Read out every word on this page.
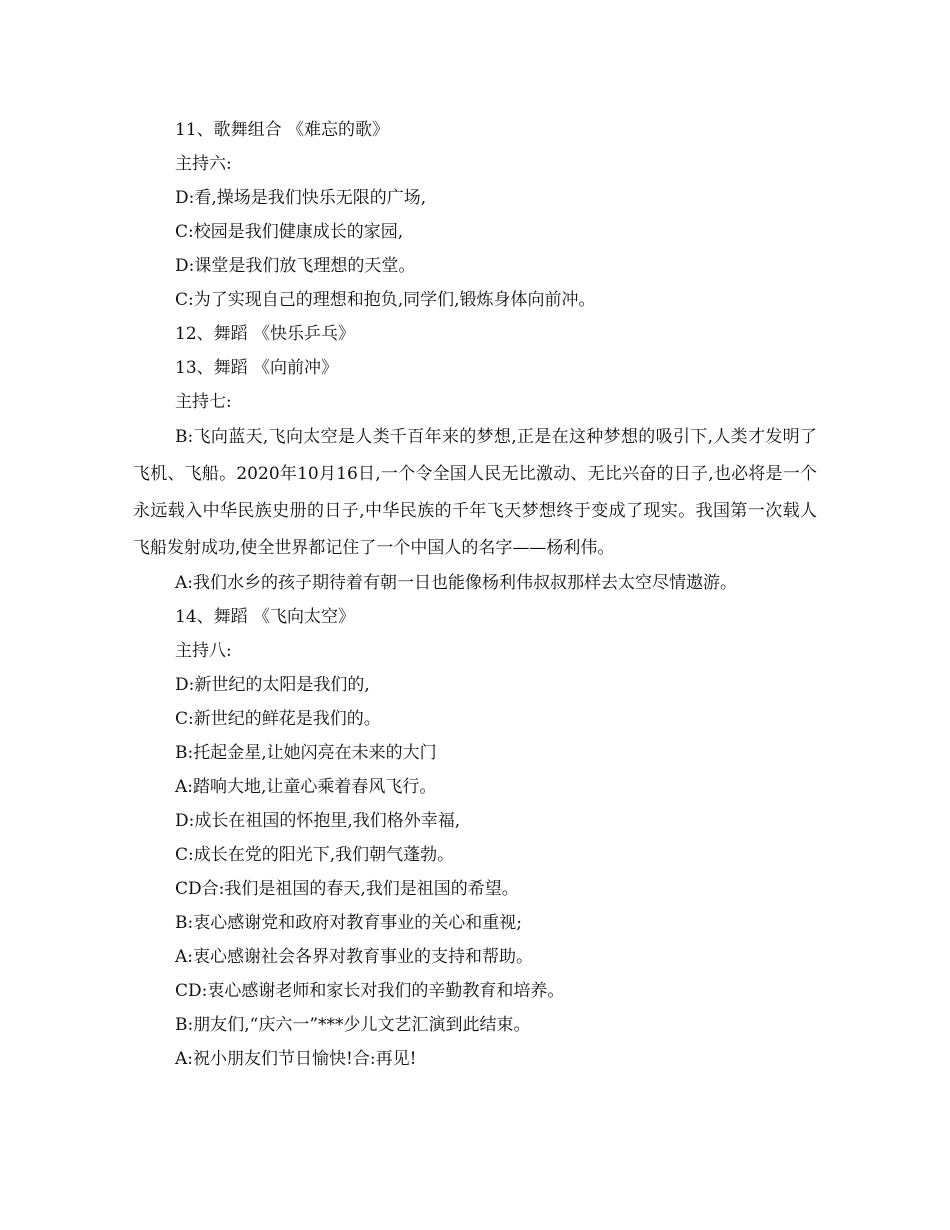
11、歌舞组合 《难忘的歌》
主持六:
D:看,操场是我们快乐无限的广场,
C:校园是我们健康成长的家园,
D:课堂是我们放飞理想的天堂。
C:为了实现自己的理想和抱负,同学们,锻炼身体向前冲。
12、舞蹈 《快乐乒乓》
13、舞蹈 《向前冲》
主持七:
B:飞向蓝天,飞向太空是人类千百年来的梦想,正是在这种梦想的吸引下,人类才发明了飞机、飞船。2020年10月16日,一个令全国人民无比激动、无比兴奋的日子,也必将是一个永远载入中华民族史册的日子,中华民族的千年飞天梦想终于变成了现实。我国第一次载人飞船发射成功,使全世界都记住了一个中国人的名字——杨利伟。
A:我们水乡的孩子期待着有朝一日也能像杨利伟叔叔那样去太空尽情遨游。
14、舞蹈 《飞向太空》
主持八:
D:新世纪的太阳是我们的,
C:新世纪的鲜花是我们的。
B:托起金星,让她闪亮在未来的大门
A:踏响大地,让童心乘着春风飞行。
D:成长在祖国的怀抱里,我们格外幸福,
C:成长在党的阳光下,我们朝气蓬勃。
CD合:我们是祖国的春天,我们是祖国的希望。
B:衷心感谢党和政府对教育事业的关心和重视;
A:衷心感谢社会各界对教育事业的支持和帮助。
CD:衷心感谢老师和家长对我们的辛勤教育和培养。
B:朋友们,“庆六一”***少儿文艺汇演到此结束。
A:祝小朋友们节日愉快!合:再见!
